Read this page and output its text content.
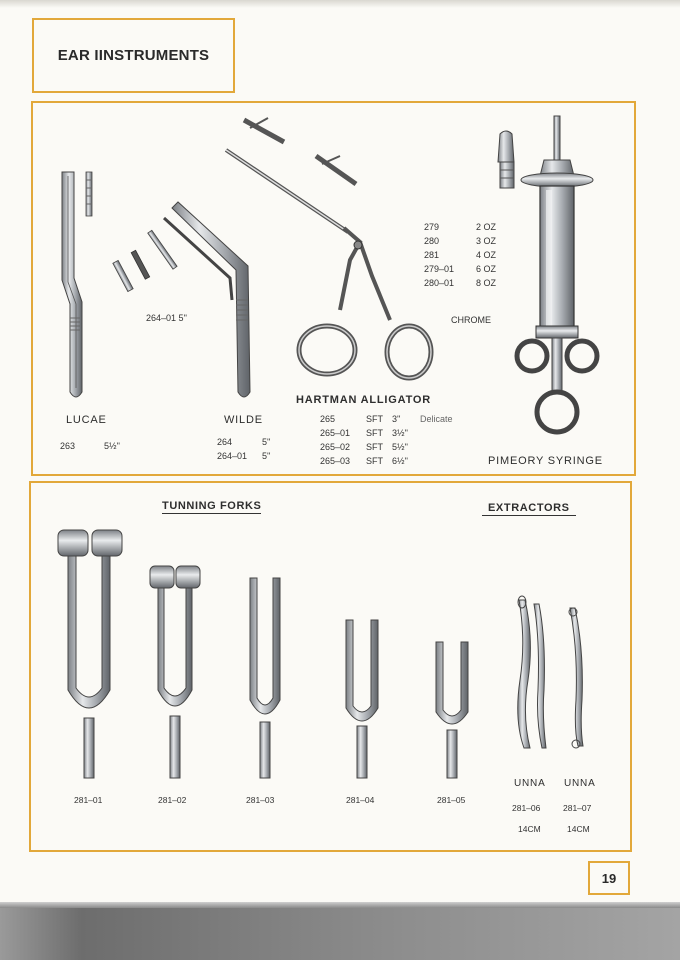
EAR IINSTRUMENTS
264–01 5''
LUCAE
263	5½''
WILDE
264	5''
264–01 5''
HARTMAN ALLIGATOR
265	SFT 3'' Delicate
265–01 SFT 3½''
265–02 SFT 5½''
265–03 SFT 6½''
279	2 OZ
280	3 OZ
281	4 OZ
279–01 6 OZ
280–01 8 OZ
CHROME
PIMEORY SYRINGE
TUNNING FORKS	EXTRACTORS
281–01	281–02	281–03	281–04	281–05
UNNA
281–06
14CM
UNNA
281–07
14CM
19
